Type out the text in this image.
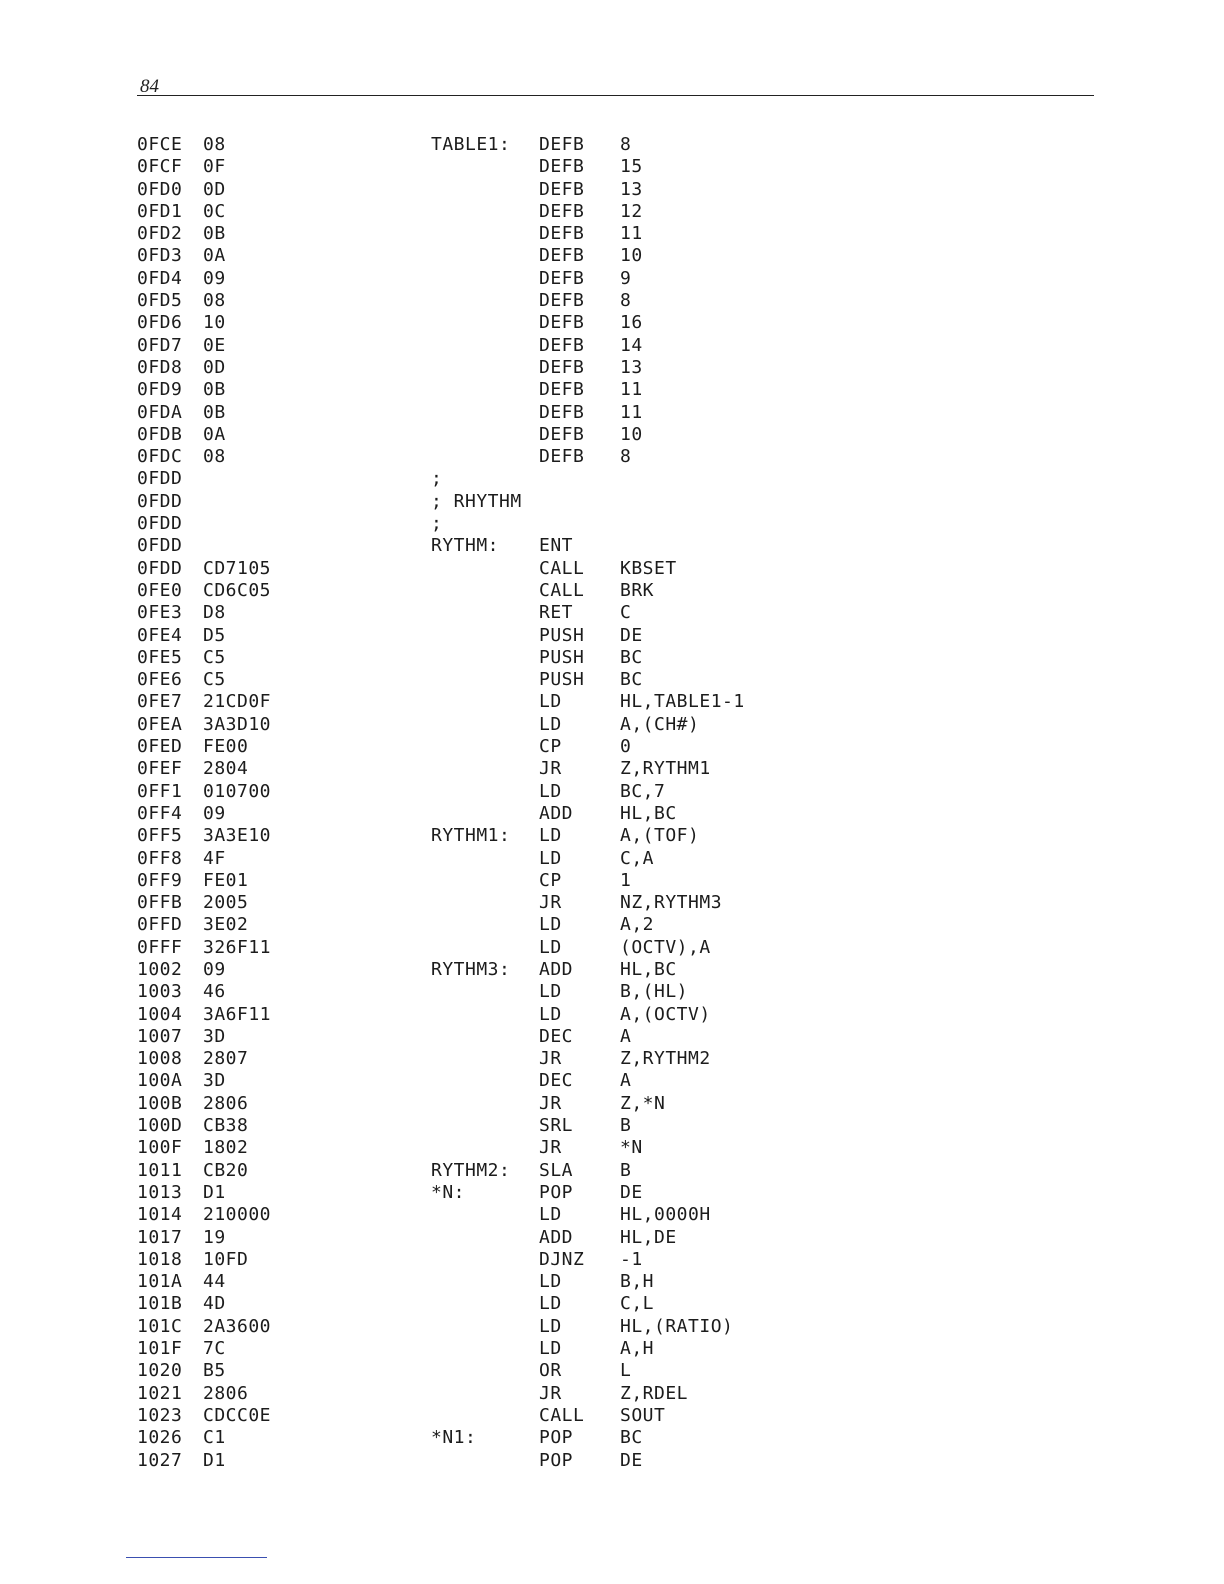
84
0FCE 08	TABLE1: DEFB 8
0FCF 0F	DEFB 15
0FD0 0D	DEFB 13
0FD1 0C	DEFB 12
0FD2 0B	DEFB 11
0FD3 0A	DEFB 10
0FD4 09	DEFB 9
0FD5 08	DEFB 8
0FD6 10	DEFB 16
0FD7 0E	DEFB 14
0FD8 0D	DEFB 13
0FD9 0B	DEFB 11
0FDA 0B	DEFB 11
0FDB 0A	DEFB 10
0FDC 08	DEFB 8
0FDD	;
0FDD	; RHYTHM
0FDD	;
0FDD	RYTHM: ENT
0FDD CD7105	CALL KBSET
0FE0 CD6C05	CALL BRK
0FE3 D8	RET	C
0FE4 D5	PUSH DE
0FE5 C5	PUSH BC
0FE6 C5	PUSH BC
0FE7 21CD0F	LD	HL,TABLE1-1
0FEA 3A3D10	LD	A,(CH#)
0FED FE00	CP	0
0FEF 2804	JR	Z,RYTHM1
0FF1 010700	LD	BC,7
0FF4 09	ADD	HL,BC
0FF5 3A3E10	RYTHM1: LD	A,(TOF)
0FF8 4F	LD	C,A
0FF9 FE01	CP	1
0FFB 2005	JR	NZ,RYTHM3
0FFD 3E02	LD	A,2
0FFF 326F11	LD	(OCTV),A
1002 09	RYTHM3: ADD	HL,BC
1003 46	LD	B,(HL)
1004 3A6F11	LD	A,(OCTV)
1007 3D	DEC	A
1008 2807	JR	Z,RYTHM2
100A 3D	DEC	A
100B 2806	JR	Z,*N
100D CB38	SRL	B
100F 1802	JR	*N
1011 CB20	RYTHM2: SLA	B
1013 D1	*N:	POP	DE
1014 210000	LD	HL,0000H
1017 19	ADD	HL,DE
1018 10FD	DJNZ -1
101A 44	LD	B,H
101B 4D	LD	C,L
101C 2A3600	LD	HL,(RATIO)
101F 7C	LD	A,H
1020 B5	OR	L
1021 2806	JR	Z,RDEL
1023 CDCC0E	CALL SOUT
1026 C1	*N1:	POP	BC
1027 D1	POP	DE
